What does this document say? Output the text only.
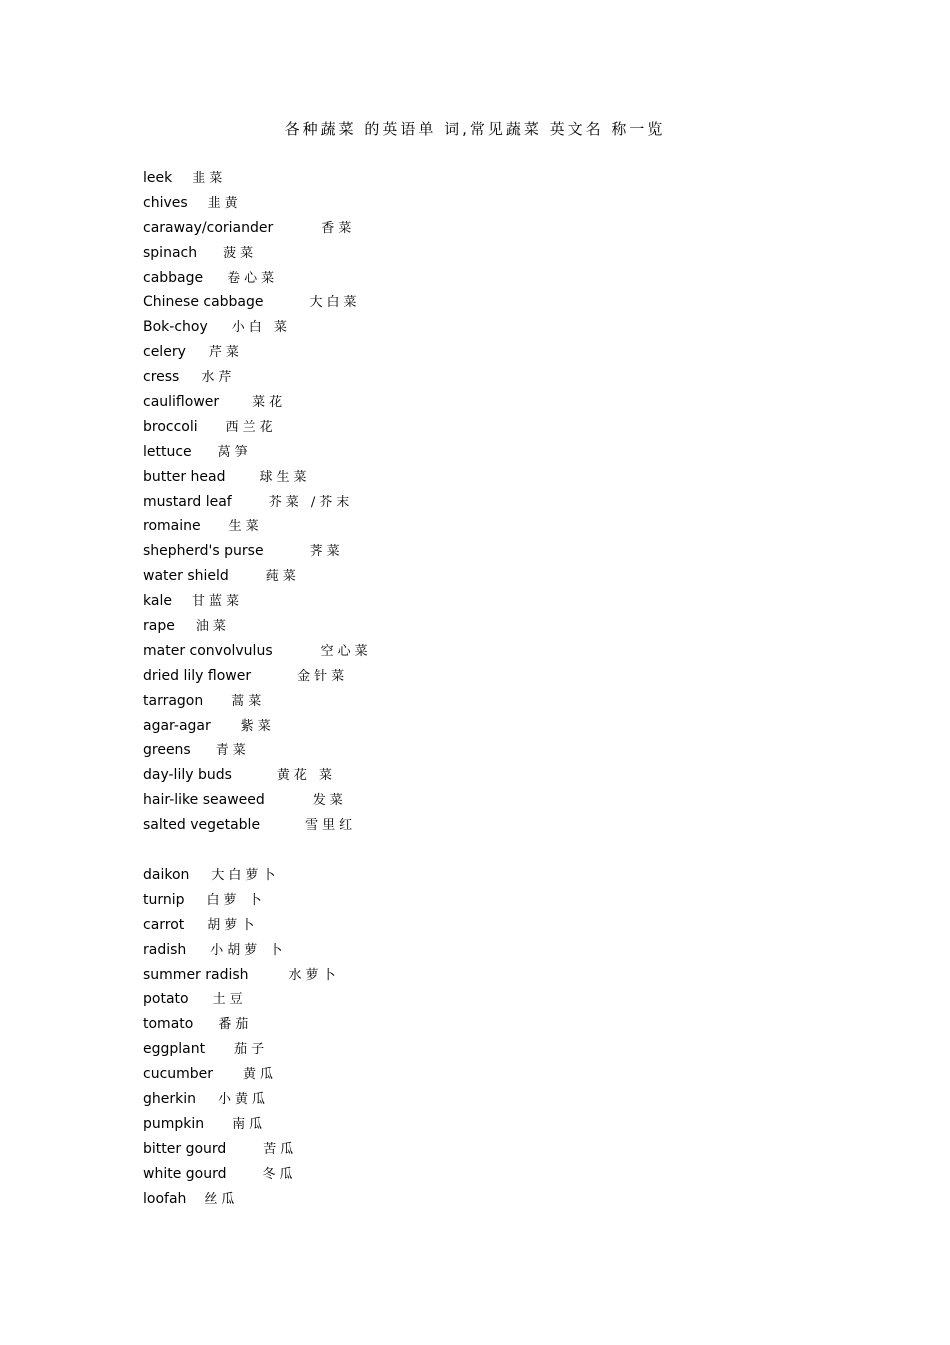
各种蔬菜 的英语单 词,常见蔬菜 英文名 称一览
leek 韭菜
chives 韭黄
caraway/coriander	香菜
spinach 菠菜
cabbage 卷心菜
Chinese cabbage	大白菜
Bok-choy 小白 菜
celery 芹菜
cress 水芹
cauliflower	菜花
broccoli 西兰花
lettuce 莴笋
butter head	球生菜
mustard leaf	芥菜 /芥末
romaine 生菜
shepherd's purse	荠菜
water shield	莼菜
kale 甘蓝菜
rape 油菜
mater convolvulus	空心菜
dried lily flower	金针菜
tarragon 蒿菜
agar-agar 紫菜
greens 青菜
day-lily buds	黄花 菜
hair-like seaweed	发菜
salted vegetable	雪里红
daikon 大白萝卜
turnip 白萝 卜
carrot 胡萝卜
radish 小胡萝 卜
summer radish	水萝卜
potato 土豆
tomato 番茄
eggplant 茄子
cucumber 黄瓜
gherkin 小黄瓜
pumpkin 南瓜
bitter gourd	苦瓜
white gourd	冬瓜
loofah 丝瓜
